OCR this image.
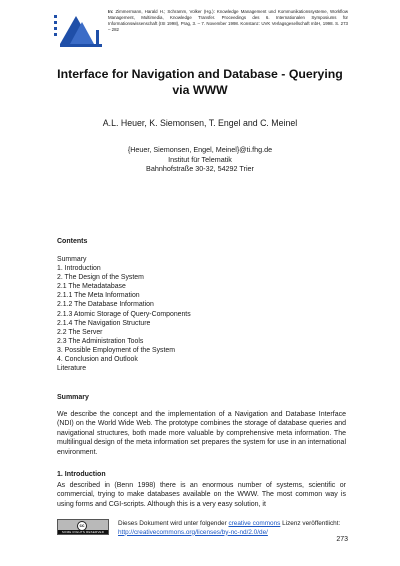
In: Zimmermann, Harald H.; Schramm, Volker (Hg.): Knowledge Management und Kommunikationssysteme, Workflow Management, Multimedia, Knowledge Transfer. Proceedings des 6. Internationalen Symposiums für Informationswissenschaft (ISI 1998), Prag, 3. – 7. November 1998. Konstanz: UVK Verlagsgesellschaft mbH, 1998. S. 273 – 282
Interface for Navigation and Database - Querying via WWW
A.L. Heuer, K. Siemonsen, T. Engel and C. Meinel
{Heuer, Siemonsen, Engel, Meinel}@ti.fhg.de
Institut für Telematik
Bahnhofstraße 30-32, 54292 Trier
Contents
Summary
1. Introduction
2. The Design of the System
2.1 The Metadatabase
2.1.1 The Meta Information
2.1.2 The Database Information
2.1.3 Atomic Storage of Query-Components
2.1.4 The Navigation Structure
2.2 The Server
2.3 The Administration Tools
3. Possible Employment of the System
4. Conclusion and Outlook
Literature
Summary

We describe the concept and the implementation of a Navigation and Database Interface (NDI) on the World Wide Web. The prototype combines the storage of database queries and navigational structures, both made more valuable by comprehensive meta information. The multilingual design of the meta information set prepares the system for use in an international environment.

1. Introduction

As described in (Benn 1998) there is an enormous number of systems, scientific or commercial, trying to make databases available on the WWW. The most common way is using forms and CGI-scripts. Although this is a very easy solution, it

cc
SOME RIGHTS RESERVED
Dieses Dokument wird unter folgender creative commons Lizenz veröffentlicht:
http://creativecommons.org/licenses/by-nc-nd/2.0/de/
273
